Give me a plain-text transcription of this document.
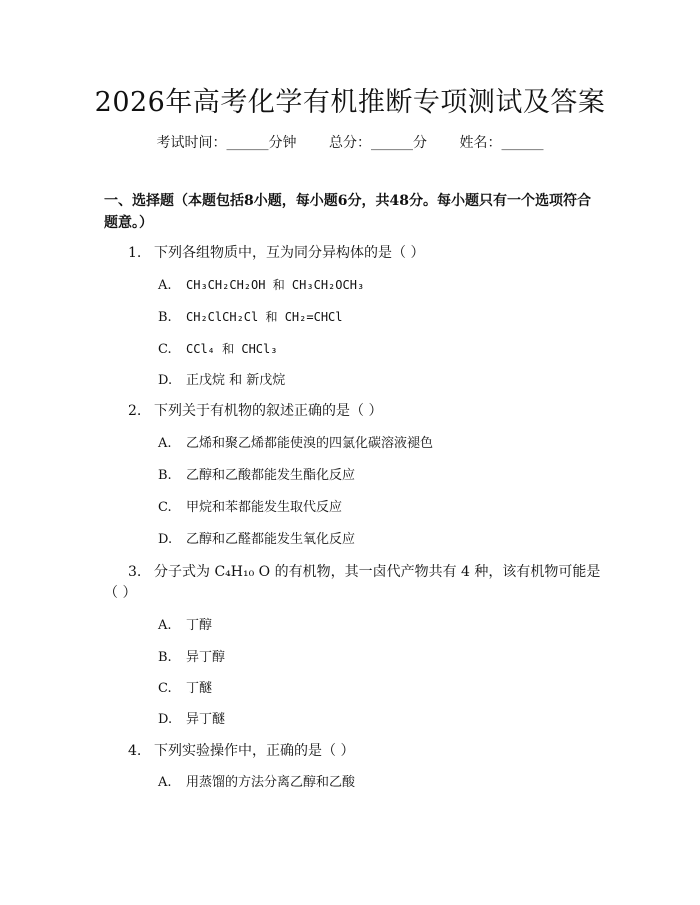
2026年高考化学有机推断专项测试及答案
考试时间：______分钟 总分：______分 姓名：______
一、选择题（本题包括8小题，每小题6分，共48分。每小题只有一个选项符合题意。）
1. 下列各组物质中，互为同分异构体的是（ ）
A. CH₃CH₂CH₂OH 和 CH₃CH₂OCH₃
B. CH₂ClCH₂Cl 和 CH₂=CHCl
C. CCl₄ 和 CHCl₃
D. 正戊烷 和 新戊烷
2. 下列关于有机物的叙述正确的是（ ）
A. 乙烯和聚乙烯都能使溴的四氯化碳溶液褪色
B. 乙醇和乙酸都能发生酯化反应
C. 甲烷和苯都能发生取代反应
D. 乙醇和乙醛都能发生氧化反应
3. 分子式为 C₄H₁₀ O 的有机物，其一卤代产物共有 4 种，该有机物可能是（ ）
A. 丁醇
B. 异丁醇
C. 丁醚
D. 异丁醚
4. 下列实验操作中，正确的是（ ）
A. 用蒸馏的方法分离乙醇和乙酸
